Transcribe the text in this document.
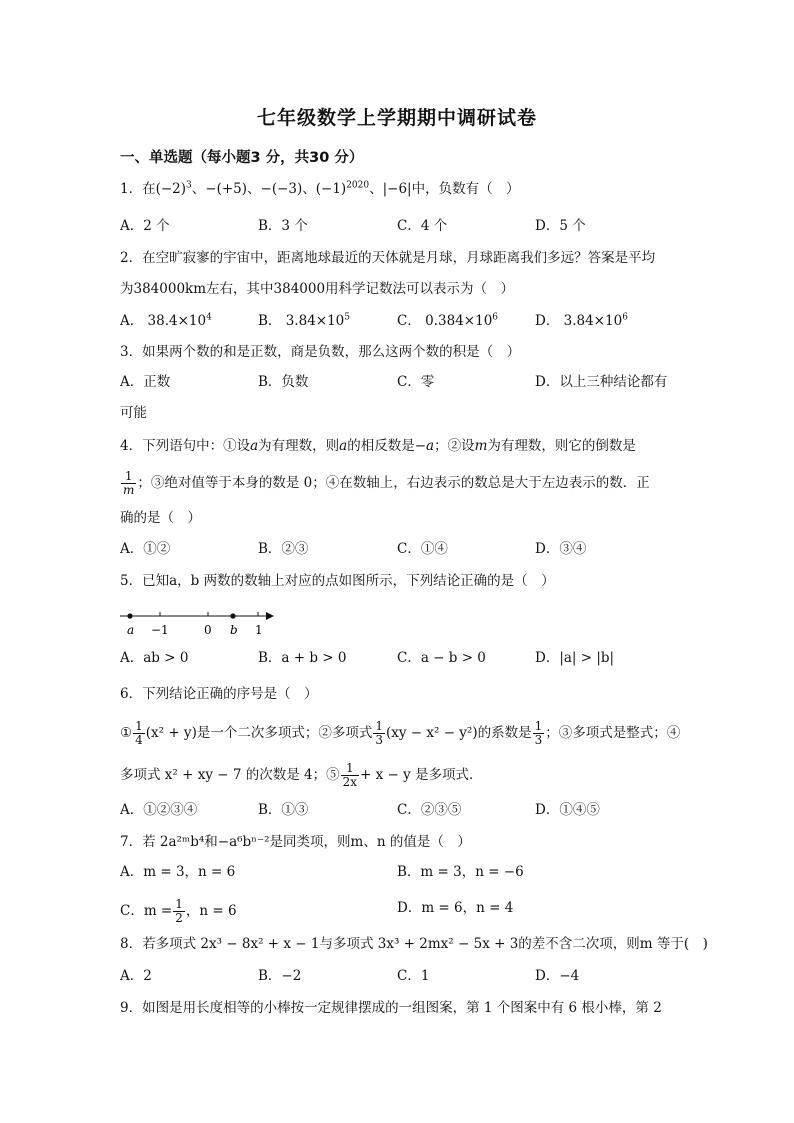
七年级数学上学期期中调研试卷
一、单选题（每小题3 分，共30 分）
1．在$(-2)^3$、−(+5)、−(−3)、$(-1)^{2020}$、|−6|中，负数有（　）
A．2 个	B．3 个	C．4 个	D．5 个
2．在空旷寂寥的宇宙中，距离地球最近的天体就是月球，月球距离我们多远？答案是平均
为384000km左右，其中384000用科学记数法可以表示为（　）
A． $38.4\times 10^4$	B． $3.84\times 10^5$	C． $0.384\times 10^6$	D． $3.84\times 10^6$
3．如果两个数的和是正数，商是负数，那么这两个数的积是（　）
A．正数	B．负数	C．零	D．以上三种结论都有
可能
4．下列语句中：①设a为有理数，则a的相反数是−a；②设m为有理数，则它的倒数是
$\frac{1}{m}$ ；③绝对值等于本身的数是 0；④在数轴上，右边表示的数总是大于左边表示的数．正
确的是（　）
A．①②	B．②③	C．①④	D．③④
5．已知a，b 两数的数轴上对应的点如图所示，下列结论正确的是（　）
a −1	0 b 1
A．ab > 0	B．a + b > 0	C．a − b > 0	D．|a| > |b|
6．下列结论正确的序号是（　）
① $\frac{1}{4} (x^2 + y)$是一个二次多项式；②多项式 $\frac{1}{3} (xy - x^2 - y^2)$的系数是 $\frac{1}{3}$ ；③多项式是整式；④
多项式 x² + xy − 7 的次数是 4；⑤ $\frac{1}{2x} + x - y$ 是多项式．
A．①②③④	B．①③	C．②③⑤	D．①④⑤
7．若 2a²ᵐb⁴和−a⁶bⁿ⁻²是同类项，则m、n 的值是（　）
A．m = 3，n = 6	B．m = 3，n = −6
C．$m = \frac{1}{2}$ ，n = 6	D．m = 6，n = 4
8．若多项式 2x³ − 8x² + x − 1与多项式 3x³ + 2mx² − 5x + 3的差不含二次项，则m 等于(　)
A．2	B．−2	C．1	D．−4
9．如图是用长度相等的小棒按一定规律摆成的一组图案，第 1 个图案中有 6 根小棒，第 2
